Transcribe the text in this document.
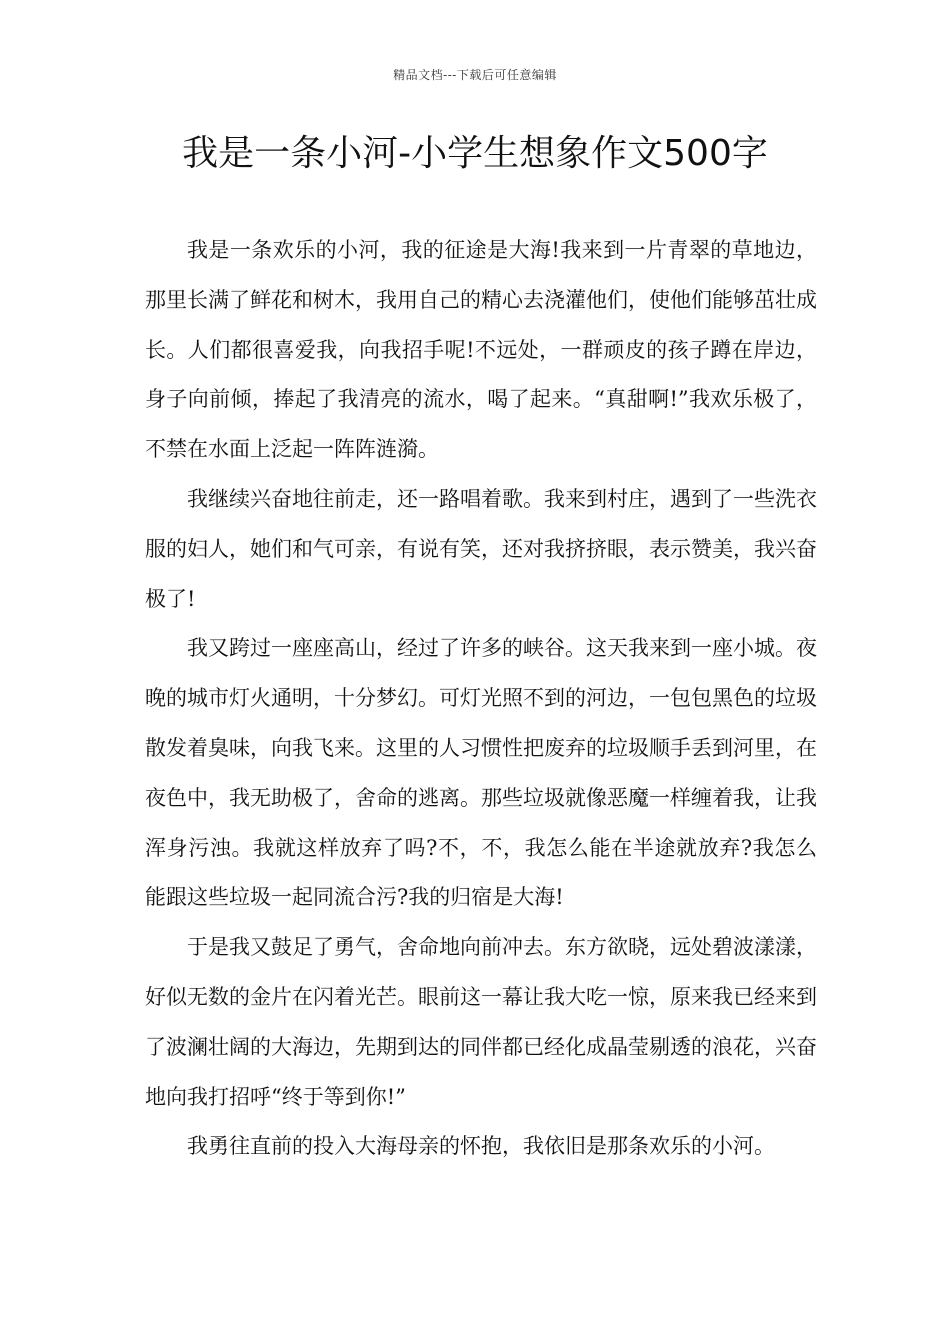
精品文档---下载后可任意编辑
我是一条小河-小学生想象作文500字

我是一条欢乐的小河，我的征途是大海!我来到一片青翠的草地边，那里长满了鲜花和树木，我用自己的精心去浇灌他们，使他们能够茁壮成长。人们都很喜爱我，向我招手呢!不远处，一群顽皮的孩子蹲在岸边，身子向前倾，捧起了我清亮的流水，喝了起来。“真甜啊!”我欢乐极了，不禁在水面上泛起一阵阵涟漪。

我继续兴奋地往前走，还一路唱着歌。我来到村庄，遇到了一些洗衣服的妇人，她们和气可亲，有说有笑，还对我挤挤眼，表示赞美，我兴奋极了!

我又跨过一座座高山，经过了许多的峡谷。这天我来到一座小城。夜晚的城市灯火通明，十分梦幻。可灯光照不到的河边，一包包黑色的垃圾散发着臭味，向我飞来。这里的人习惯性把废弃的垃圾顺手丢到河里，在夜色中，我无助极了，舍命的逃离。那些垃圾就像恶魔一样缠着我，让我浑身污浊。我就这样放弃了吗?不，不，我怎么能在半途就放弃?我怎么能跟这些垃圾一起同流合污?我的归宿是大海!

于是我又鼓足了勇气，舍命地向前冲去。东方欲晓，远处碧波漾漾，好似无数的金片在闪着光芒。眼前这一幕让我大吃一惊，原来我已经来到了波澜壮阔的大海边，先期到达的同伴都已经化成晶莹剔透的浪花，兴奋地向我打招呼“终于等到你!”

我勇往直前的投入大海母亲的怀抱，我依旧是那条欢乐的小河。
